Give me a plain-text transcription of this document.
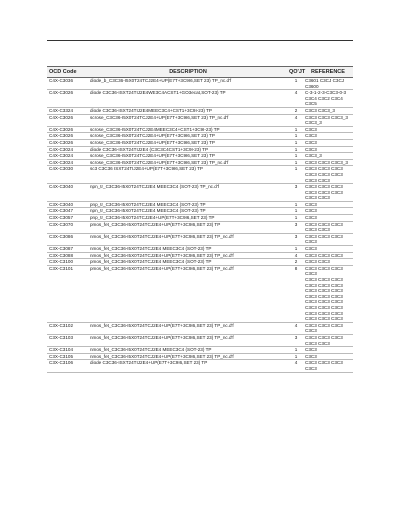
OCD Code	DESCRIPTION	QO'JT	REFERENCE
C4X-C3036	diode_b_C3C36-I5X0T24TCJ2E4+UP(E7T+3C9I6,SET 23) TP_nc.d'f	1	C3601 C3CJ C3CJ
C3600
C4X-C3026	diode C3C36-ISXT24TIJ2E4WE3C4ACST1+GO3ecat,SOT-23) TP	4	C-3-1-2-3-C3C3-0-3
C3C4 C3C2 C3C4 C3C5
C4X-C3324	diode C3C36-ISXT24TIJ2E4MEEC3C4+CST1+3C9I-23) TP	2	C3C3 C3C3_3
C4X-C3026	scrose_C3C36-I5X0T24TCJ2E4+UP(E7T+3C9I6,SET 23) TP_nc.d'f	4	C3C3 C3C3 C3C3_3 C3C3_3
C4X-C3026	scrose_C3C36-I5X0T24TCJ2E4MEEC3C4+CST1+3C9I-23) TP	1	C3C3
C4X-C3026	scrose_C3C36-I5X0T24TCJ2E4+UP(E7T+3C9I6,SET 23) TP	1	C3C3
C4X-C3026	scrose_C3C36-I5X0T24TCJ2E4+UP(E7T+3C9I6,SET 23) TP	1	C3C3
C4X-C3024	diode C3C36-ISXT24TIJ2E4 (C3C3C4CST1+3C9I-23) TP	1	C3C3
C4X-C3024	scrose_C3C36-I5X0T24TCJ2E4+UP(E7T+3C9I6,SET 23) TP	1	C3C3_3
C4X-C3024	scrose_C3C36-I5X0T24TCJ2E4+UP(E7T+3C9I6,SET 23) TP_nc.d'f	1	C3C3 C3C3 C3C3_3
C4X-C3030	sc3 C3C36 ISXT24TIJ2E4+UP(E7T+3C9I6,SET 23) TP	1	C3C3 C3C3 C3C3
C3C3 C3C3 C3C3
C3C3 C3C3
C4X-C3040	npn_tr_C3C36-I5X0T24TCJ2E4 MEEC3C4 (SOT-23) TP_nc.d'f	3	C3C3 C3C3 C3C3
C3C3 C3C3 C3C3
C3C3 C3C3
C3X-C3040	pnp_tr_C3C36-I5X0T24TCJ2E4 MEEC3C4 (SOT-23) TP	1	C3C3
C3X-C3047	npn_tr_C3C36-I5X0T24TCJ2E4 MEEC3C4 (SOT-23) TP	1	C3C3
C3X-C3057	pnp_tr_C3C36-I5X0T24TCJ2E4+UP(E7T+3C9I6,SET 23) TP	1	C3C3
C3X-C3070	pmos_fet_C3C36-I5X0T24TCJ2E4+UP(E7T+3C9I6,SET 23) TP	3	C3C3 C3C3 C3C3
C3C3 C3C3
C3X-C3086	nmos_fet_C3C36-I5X0T24TCJ2E4+UP(E7T+3C9I6,SET 23) TP_nc.d'f	3	C3C3 C3C3 C3C3
C3C3
C3X-C3087	nmos_fet_C3C36-I5X0T24TCJ2E4 MEEC3C4 (SOT-23) TP	1	C3C3
C3X-C3088	nmos_fet_C3C36-I5X0T24TCJ2E4+UP(E7T+3C9I6,SET 23) TP_nc.d'f	4	C3C3 C3C3 C3C3
C3X-C3100	pmos_fet_C3C36-I5X0T24TCJ2E4 MEEC3C4 (SOT-23) TP	2	C3C3 C3C3
C3X-C3101	pmos_fet_C3C36-I5X0T24TCJ2E4+UP(E7T+3C9I6,SET 23) TP_nc.d'f	8	C3C3 C3C3 C3C3 C3C3
C3C3 C3C3 C3C3
C3C3 C3C3 C3C3
C3C3 C3C3 C3C3
C3C3 C3C3 C3C3
C3C3 C3C3 C3C3
C3C3 C3C3 C3C3
C3C3 C3C3 C3C3
C3C3 C3C3 C3C3
C3X-C3102	nmos_fet_C3C36-I5X0T24TCJ2E4+UP(E7T+3C9I6,SET 23) TP_nc.d'f	4	C3C3 C3C3 C3C3
C3C3
C3X-C3103	nmos_fet_C3C36-I5X0T24TCJ2E4+UP(E7T+3C9I6,SET 23) TP_nc.d'f	3	C3C3 C3C3 C3C3
C3C3 C3C3
C3X-C3104	nmos_fet_C3C36-I5X0T24TCJ2E4 MEEC3C4 (SOT-23) TP	1	C3C3
C3X-C3105	nmos_fet_C3C36-I5X0T24TCJ2E4+UP(E7T+3C9I6,SET 23) TP_nc.d'f	1	C3C3
C3X-C3106	diode C3C36-ISXT24TIJ2E4+UP(E7T+3C9I6,SET 23) TP	4	C3C3 C3C3 C3C3 C3C3
